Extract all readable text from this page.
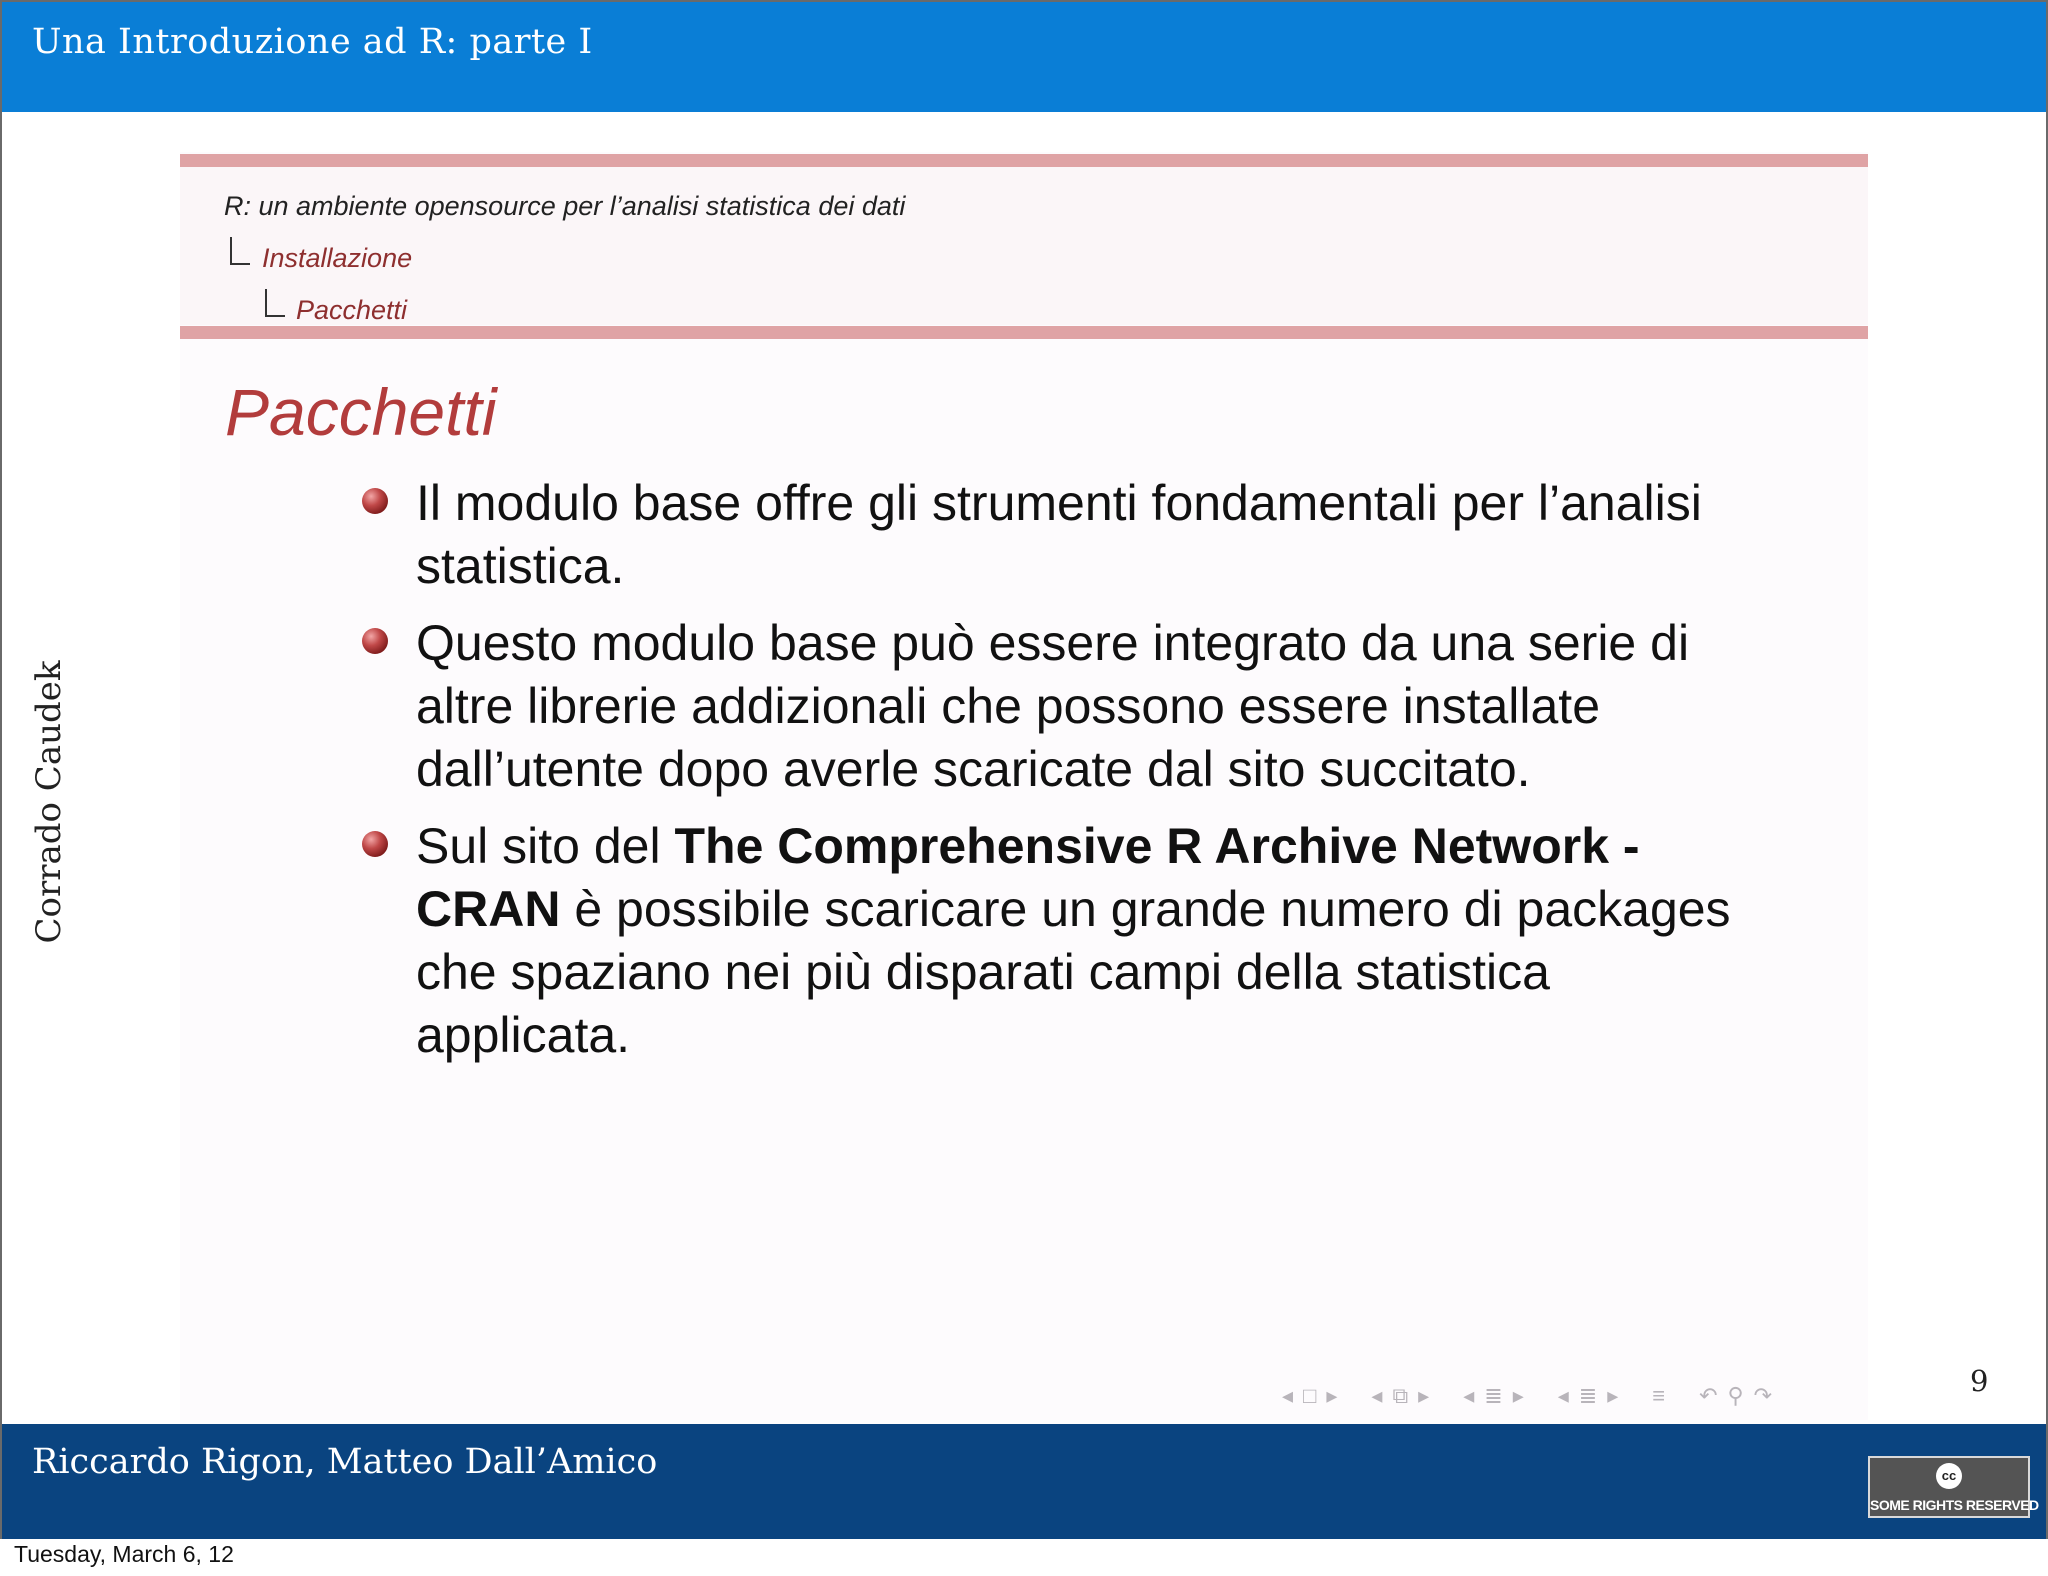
Una Introduzione ad R: parte I
Corrado Caudek
R: un ambiente opensource per l’analisi statistica dei dati
Installazione
Pacchetti
Pacchetti
Il modulo base offre gli strumenti fondamentali per l’analisi statistica.
Questo modulo base può essere integrato da una serie di altre librerie addizionali che possono essere installate dall’utente dopo averle scaricate dal sito succitato.
Sul sito del The Comprehensive R Archive Network -
CRAN è possibile scaricare un grande numero di packages che spaziano nei più disparati campi della statistica applicata.
◂ □ ▸ ◂ ⧉ ▸ ◂ ≣ ▸ ◂ ≣ ▸ ≡ ↶ ⚲ ↷	9
Riccardo Rigon, Matteo Dall’Amico	cc
SOME RIGHTS RESERVED
Tuesday, March 6, 12
